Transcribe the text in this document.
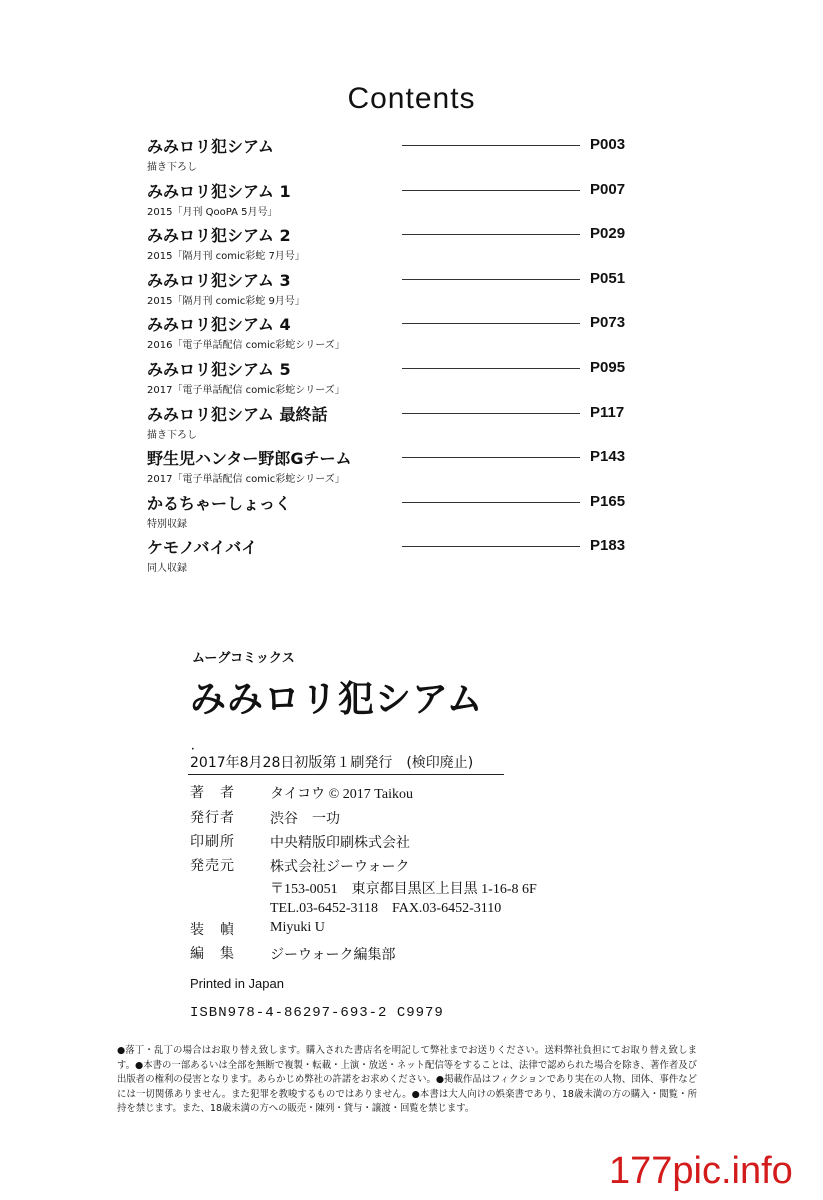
Contents
みみロリ犯シアム
描き下ろし
P003
みみロリ犯シアム 1
2015「月刊 QooPA 5月号」
P007
みみロリ犯シアム 2
2015「隔月刊 comic彩蛇 7月号」
P029
みみロリ犯シアム 3
2015「隔月刊 comic彩蛇 9月号」
P051
みみロリ犯シアム 4
2016「電子単話配信 comic彩蛇シリーズ」
P073
みみロリ犯シアム 5
2017「電子単話配信 comic彩蛇シリーズ」
P095
みみロリ犯シアム 最終話
描き下ろし
P117
野生児ハンター野郎Gチーム
2017「電子単話配信 comic彩蛇シリーズ」
P143
かるちゃーしょっく
特別収録
P165
ケモノバイバイ
同人収録
P183
ムーグコミックス
みみロリ犯シアム
•
2017年8月28日初版第１刷発行　(検印廃止)
著　者	タイコウ © 2017 Taikou
発行者	渋谷　一功
印刷所	中央精版印刷株式会社
発売元	株式会社ジーウォーク
〒153-0051　東京都目黒区上目黒 1-16-8 6F
TEL.03-6452-3118　FAX.03-6452-3110
装　幀	Miyuki U
編　集	ジーウォーク編集部
Printed in Japan
ISBN978-4-86297-693-2 C9979
●落丁・乱丁の場合はお取り替え致します。購入された書店名を明記して弊社までお送りください。送料弊社負担にてお取り替え致します。●本書の一部あるいは全部を無断で複製・転載・上演・放送・ネット配信等をすることは、法律で認められた場合を除き、著作者及び出版者の権利の侵害となります。あらかじめ弊社の許諾をお求めください。●掲載作品はフィクションであり実在の人物、団体、事件などには一切関係ありません。また犯罪を教唆するものではありません。●本書は大人向けの娯楽書であり、18歳未満の方の購入・閲覧・所持を禁じます。また、18歳未満の方への販売・陳列・貸与・譲渡・回覧を禁じます。
177pic.info
